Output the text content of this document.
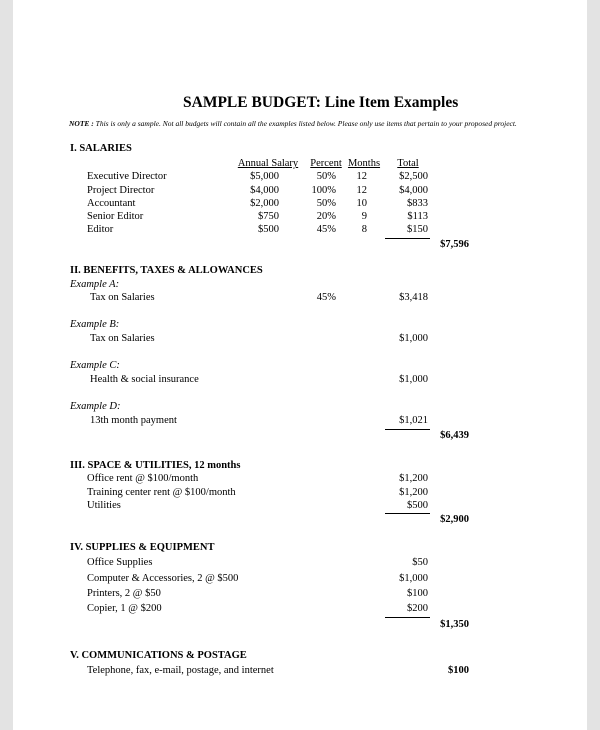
SAMPLE BUDGET: Line Item Examples
NOTE : This is only a sample. Not all budgets will contain all the examples listed below. Please only use items that pertain to your proposed project.
I. SALARIES
Annual Salary Percent Months	Total
Executive Director	$5,000	50%	12	$2,500
Project Director	$4,000	100%	12	$4,000
Accountant	$2,000	50%	10	$833
Senior Editor	$750	20%	9	$113
Editor	$500	45%	8	$150
$7,596
II. BENEFITS, TAXES & ALLOWANCES
Example A:
Tax on Salaries	45%	$3,418
Example B:
Tax on Salaries	$1,000
Example C:
Health & social insurance	$1,000
Example D:
13th month payment	$1,021
$6,439
III. SPACE & UTILITIES, 12 months
Office rent @ $100/month	$1,200
Training center rent @ $100/month	$1,200
Utilities	$500
$2,900
IV. SUPPLIES & EQUIPMENT
Office Supplies	$50
Computer & Accessories, 2 @ $500	$1,000
Printers, 2 @ $50	$100
Copier, 1 @ $200	$200
$1,350
V. COMMUNICATIONS & POSTAGE
Telephone, fax, e-mail, postage, and internet	$100
